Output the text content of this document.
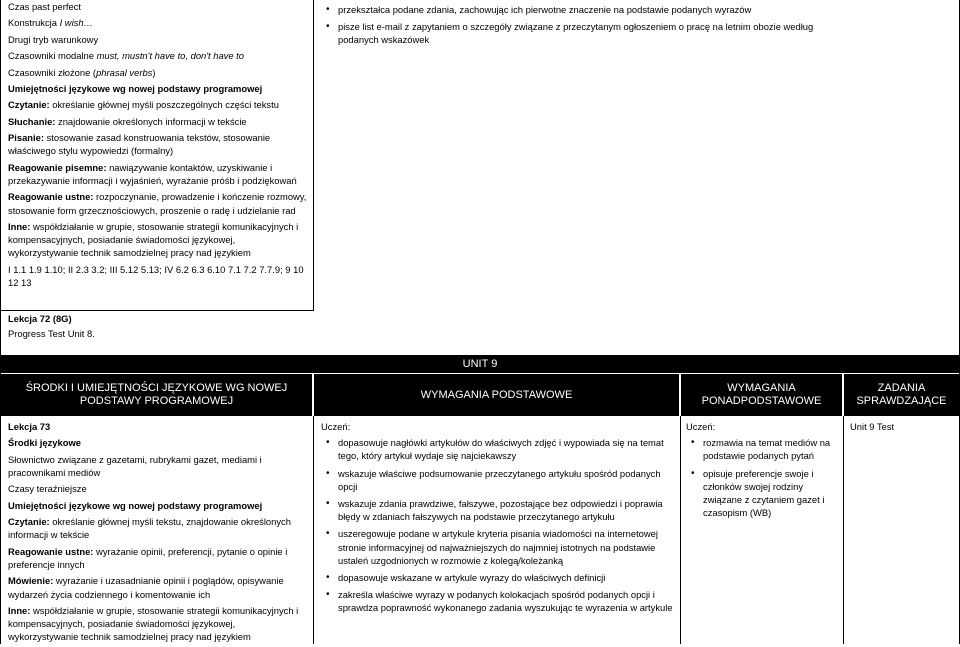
Czas past perfect

Konstrukcja I wish…

Drugi tryb warunkowy

Czasowniki modalne must, mustn't have to, don't have to

Czasowniki złożone (phrasal verbs)

Umiejętności językowe wg nowej podstawy programowej

Czytanie: określanie głównej myśli poszczególnych części tekstu

Słuchanie: znajdowanie określonych informacji w tekście

Pisanie: stosowanie zasad konstruowania tekstów, stosowanie właściwego stylu wypowiedzi (formalny)

Reagowanie pisemne: nawiązywanie kontaktów, uzyskiwanie i przekazywanie informacji i wyjaśnień, wyrażanie próśb i podziękowań

Reagowanie ustne: rozpoczynanie, prowadzenie i kończenie rozmowy, stosowanie form grzecznościowych, proszenie o radę i udzielanie rad

Inne: współdziałanie w grupie, stosowanie strategii komunikacyjnych i kompensacyjnych, posiadanie świadomości językowej, wykorzystywanie technik samodzielnej pracy nad językiem

I 1.1 1.9 1.10; II 2.3 3.2; III 5.12 5.13; IV 6.2 6.3 6.10 7.1 7.2 7.7.9; 9 10 12 13

Lekcja 72 (8G)

Progress Test Unit 8.

• przekształca podane zdania, zachowując ich pierwotne znaczenie na podstawie podanych wyrazów
• pisze list e-mail z zapytaniem o szczegóły związane z przeczytanym ogłoszeniem o pracę na letnim obozie według podanych wskazówek
UNIT 9
ŚRODKI I UMIEJĘTNOŚCI JĘZYKOWE WG NOWEJ PODSTAWY PROGRAMOWEJ
WYMAGANIA PODSTAWOWE
WYMAGANIA PONADPODSTAWOWE
ZADANIA SPRAWDZAJĄCE

Lekcja 73

Środki językowe

Słownictwo związane z gazetami, rubrykami gazet, mediami i pracownikami mediów

Czasy teraźniejsze

Umiejętności językowe wg nowej podstawy programowej

Czytanie: określanie głównej myśli tekstu, znajdowanie określonych informacji w tekście

Reagowanie ustne: wyrażanie opinii, preferencji, pytanie o opinie i preferencje innych

Mówienie: wyrażanie i uzasadnianie opinii i poglądów, opisywanie wydarzeń życia codziennego i komentowanie ich

Inne: współdziałanie w grupie, stosowanie strategii komunikacyjnych i kompensacyjnych, posiadanie świadomości językowej, wykorzystywanie technik samodzielnej pracy nad językiem

Uczeń:

• dopasowuje nagłówki artykułów do właściwych zdjęć i wypowiada się na temat tego, który artykuł wydaje się najciekawszy
• wskazuje właściwe podsumowanie przeczytanego artykułu spośród podanych opcji
• wskazuje zdania prawdziwe, fałszywe, pozostające bez odpowiedzi i poprawia błędy w zdaniach fałszywych na podstawie przeczytanego artykułu
• uszeregowuje podane w artykule kryteria pisania wiadomości na internetowej stronie informacyjnej od najważniejszych do najmniej istotnych na podstawie ustaleń uzgodnionych w rozmowie z kolegą/koleżanką
• dopasowuje wskazane w artykule wyrazy do właściwych definicji
• zakreśla właściwe wyrazy w podanych kolokacjach spośród podanych opcji i sprawdza poprawność wykonanego zadania wyszukując te wyrazenia w artykule

Uczeń:

• rozmawia na temat mediów na podstawie podanych pytań
• opisuje preferencje swoje i członków swojej rodziny związane z czytaniem gazet i czasopism (WB)
Unit 9 Test
